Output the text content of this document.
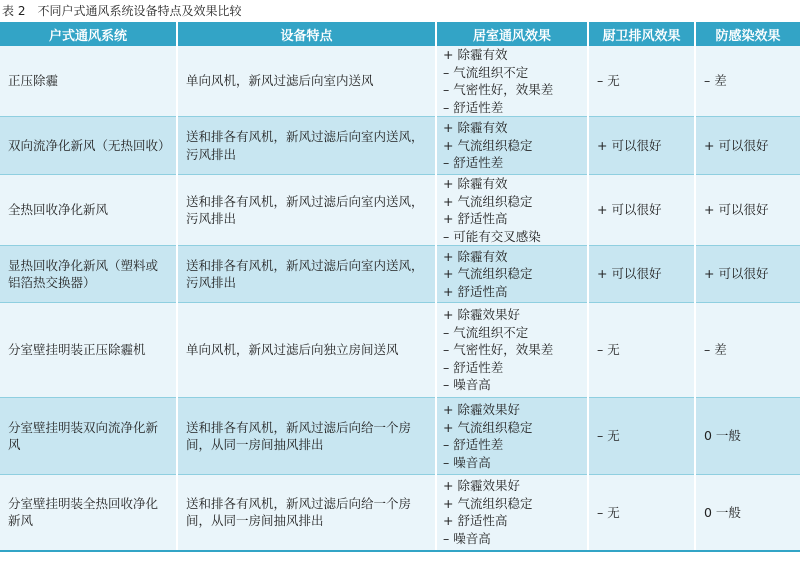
表 2　不同户式通风系统设备特点及效果比较
户式通风系统	设备特点	居室通风效果	厨卫排风效果	防感染效果
正压除霾	单向风机，新风过滤后向室内送风	+ 除霾有效
– 气流组织不定
– 气密性好，效果差
– 舒适性差	– 无	– 差
双向流净化新风（无热回收）	送和排各有风机，新风过滤后向室内送风，污风排出	+ 除霾有效
+ 气流组织稳定
– 舒适性差	+ 可以很好	+ 可以很好
全热回收净化新风	送和排各有风机，新风过滤后向室内送风，污风排出	+ 除霾有效
+ 气流组织稳定
+ 舒适性高
– 可能有交叉感染	+ 可以很好	+ 可以很好
显热回收净化新风（塑料或铝箔热交换器）	送和排各有风机，新风过滤后向室内送风，污风排出	+ 除霾有效
+ 气流组织稳定
+ 舒适性高	+ 可以很好	+ 可以很好
分室壁挂明装正压除霾机	单向风机，新风过滤后向独立房间送风	+ 除霾效果好
– 气流组织不定
– 气密性好，效果差
– 舒适性差
– 噪音高	– 无	– 差
分室壁挂明装双向流净化新风	送和排各有风机，新风过滤后向给一个房间，从同一房间抽风排出	+ 除霾效果好
+ 气流组织稳定
– 舒适性差
– 噪音高	– 无	0 一般
分室壁挂明装全热回收净化新风	送和排各有风机，新风过滤后向给一个房间，从同一房间抽风排出	+ 除霾效果好
+ 气流组织稳定
+ 舒适性高
– 噪音高	– 无	0 一般
